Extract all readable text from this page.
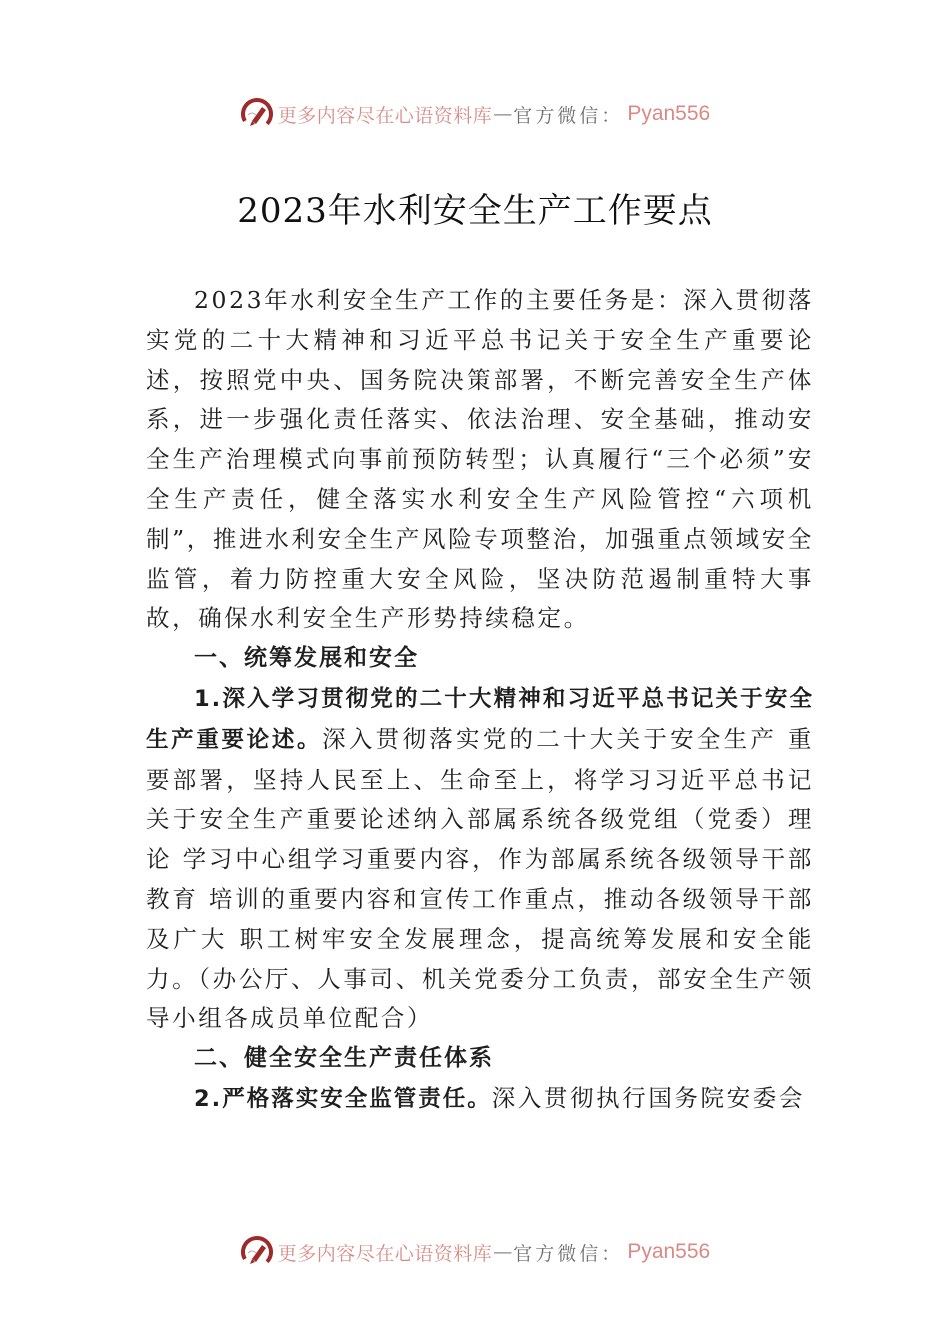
更多内容尽在心语资料库 — 官方微信： Pyan556
2023年水利安全生产工作要点

2023年水利安全生产工作的主要任务是：深入贯彻落实党的二十大精神和习近平总书记关于安全生产重要论述，按照党中央、国务院决策部署，不断完善安全生产体系，进一步强化责任落实、依法治理、安全基础，推动安全生产治理模式向事前预防转型；认真履行“三个必须”安全生产责任，健全落实水利安全生产风险管控“六项机制”，推进水利安全生产风险专项整治，加强重点领域安全监管，着力防控重大安全风险，坚决防范遏制重特大事故，确保水利安全生产形势持续稳定。

一、统筹发展和安全

1.深入学习贯彻党的二十大精神和习近平总书记关于安全生产重要论述。深入贯彻落实党的二十大关于安全生产 重要部署，坚持人民至上、生命至上，将学习习近平总书记 关于安全生产重要论述纳入部属系统各级党组（党委）理论 学习中心组学习重要内容，作为部属系统各级领导干部教育 培训的重要内容和宣传工作重点，推动各级领导干部及广大 职工树牢安全发展理念，提高统筹发展和安全能力。（办公厅、人事司、机关党委分工负责，部安全生产领导小组各成员单位配合）

二、健全安全生产责任体系

2.严格落实安全监管责任。深入贯彻执行国务院安委会

更多内容尽在心语资料库 — 官方微信： Pyan556
